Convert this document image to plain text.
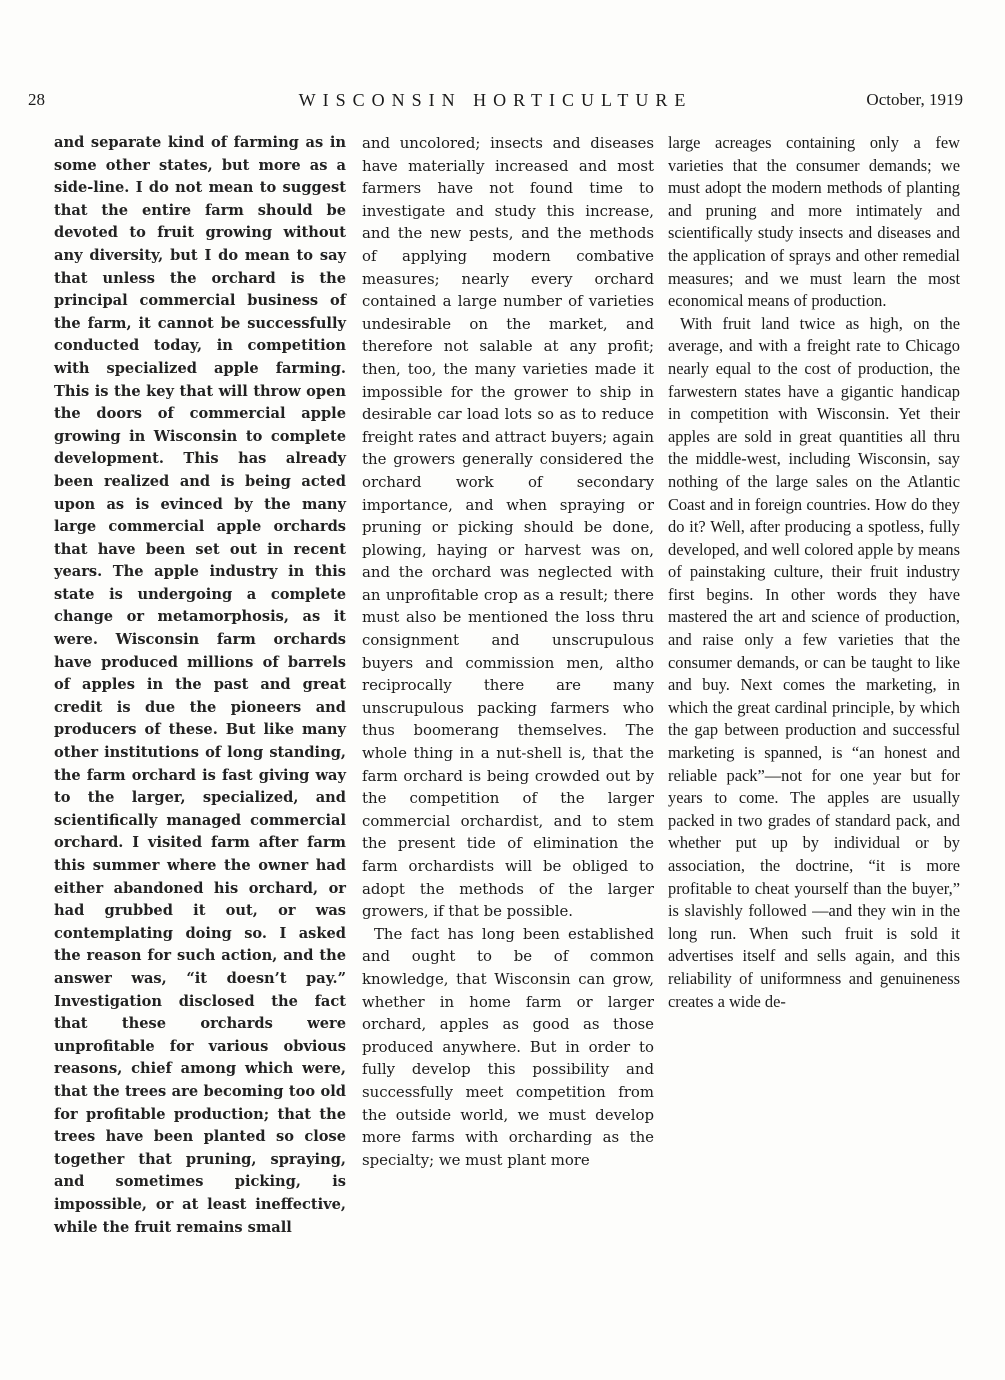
28	WISCONSIN HORTICULTURE	October, 1919

and separate kind of farming as in some other states, but more as a side-line. I do not mean to suggest that the entire farm should be devoted to fruit growing without any diversity, but I do mean to say that unless the orchard is the principal commercial business of the farm, it cannot be successfully conducted today, in competition with specialized apple farming. This is the key that will throw open the doors of commercial apple growing in Wisconsin to complete development. This has already been realized and is being acted upon as is evinced by the many large commercial apple orchards that have been set out in recent years. The apple industry in this state is undergoing a complete change or metamorphosis, as it were. Wisconsin farm orchards have produced millions of barrels of apples in the past and great credit is due the pioneers and producers of these. But like many other institutions of long standing, the farm orchard is fast giving way to the larger, specialized, and scientifically managed commercial orchard. I visited farm after farm this summer where the owner had either abandoned his orchard, or had grubbed it out, or was contemplating doing so. I asked the reason for such action, and the answer was, “it doesn’t pay.” Investigation disclosed the fact that these orchards were unprofitable for various obvious reasons, chief among which were, that the trees are becoming too old for profitable production; that the trees have been planted so close together that pruning, spraying, and sometimes picking, is impossible, or at least ineffective, while the fruit remains small

and uncolored; insects and diseases have materially increased and most farmers have not found time to investigate and study this increase, and the new pests, and the methods of applying modern combative measures; nearly every orchard contained a large number of varieties undesirable on the market, and therefore not salable at any profit; then, too, the many varieties made it impossible for the grower to ship in desirable car load lots so as to reduce freight rates and attract buyers; again the growers generally considered the orchard work of secondary importance, and when spraying or pruning or picking should be done, plowing, haying or harvest was on, and the orchard was neglected with an unprofitable crop as a result; there must also be mentioned the loss thru consignment and unscrupulous buyers and commission men, altho reciprocally there are many unscrupulous packing farmers who thus boomerang themselves. The whole thing in a nut-shell is, that the farm orchard is being crowded out by the competition of the larger commercial orchardist, and to stem the present tide of elimination the farm orchardists will be obliged to adopt the methods of the larger growers, if that be possible.

The fact has long been established and ought to be of common knowledge, that Wisconsin can grow, whether in home farm or larger orchard, apples as good as those produced anywhere. But in order to fully develop this possibility and successfully meet competition from the outside world, we must develop more farms with orcharding as the specialty; we must plant more

large acreages containing only a few varieties that the consumer demands; we must adopt the modern methods of planting and pruning and more intimately and scientifically study insects and diseases and the application of sprays and other remedial measures; and we must learn the most economical means of production.

With fruit land twice as high, on the average, and with a freight rate to Chicago nearly equal to the cost of production, the farwestern states have a gigantic handicap in competition with Wisconsin. Yet their apples are sold in great quantities all thru the middle-west, including Wisconsin, say nothing of the large sales on the Atlantic Coast and in foreign countries. How do they do it? Well, after producing a spotless, fully developed, and well colored apple by means of painstaking culture, their fruit industry first begins. In other words they have mastered the art and science of production, and raise only a few varieties that the consumer demands, or can be taught to like and buy. Next comes the marketing, in which the great cardinal principle, by which the gap between production and successful marketing is spanned, is “an honest and reliable pack”—not for one year but for years to come. The apples are usually packed in two grades of standard pack, and whether put up by individual or by association, the doctrine, “it is more profitable to cheat yourself than the buyer,” is slavishly followed —and they win in the long run. When such fruit is sold it advertises itself and sells again, and this reliability of uniformness and genuineness creates a wide de-
